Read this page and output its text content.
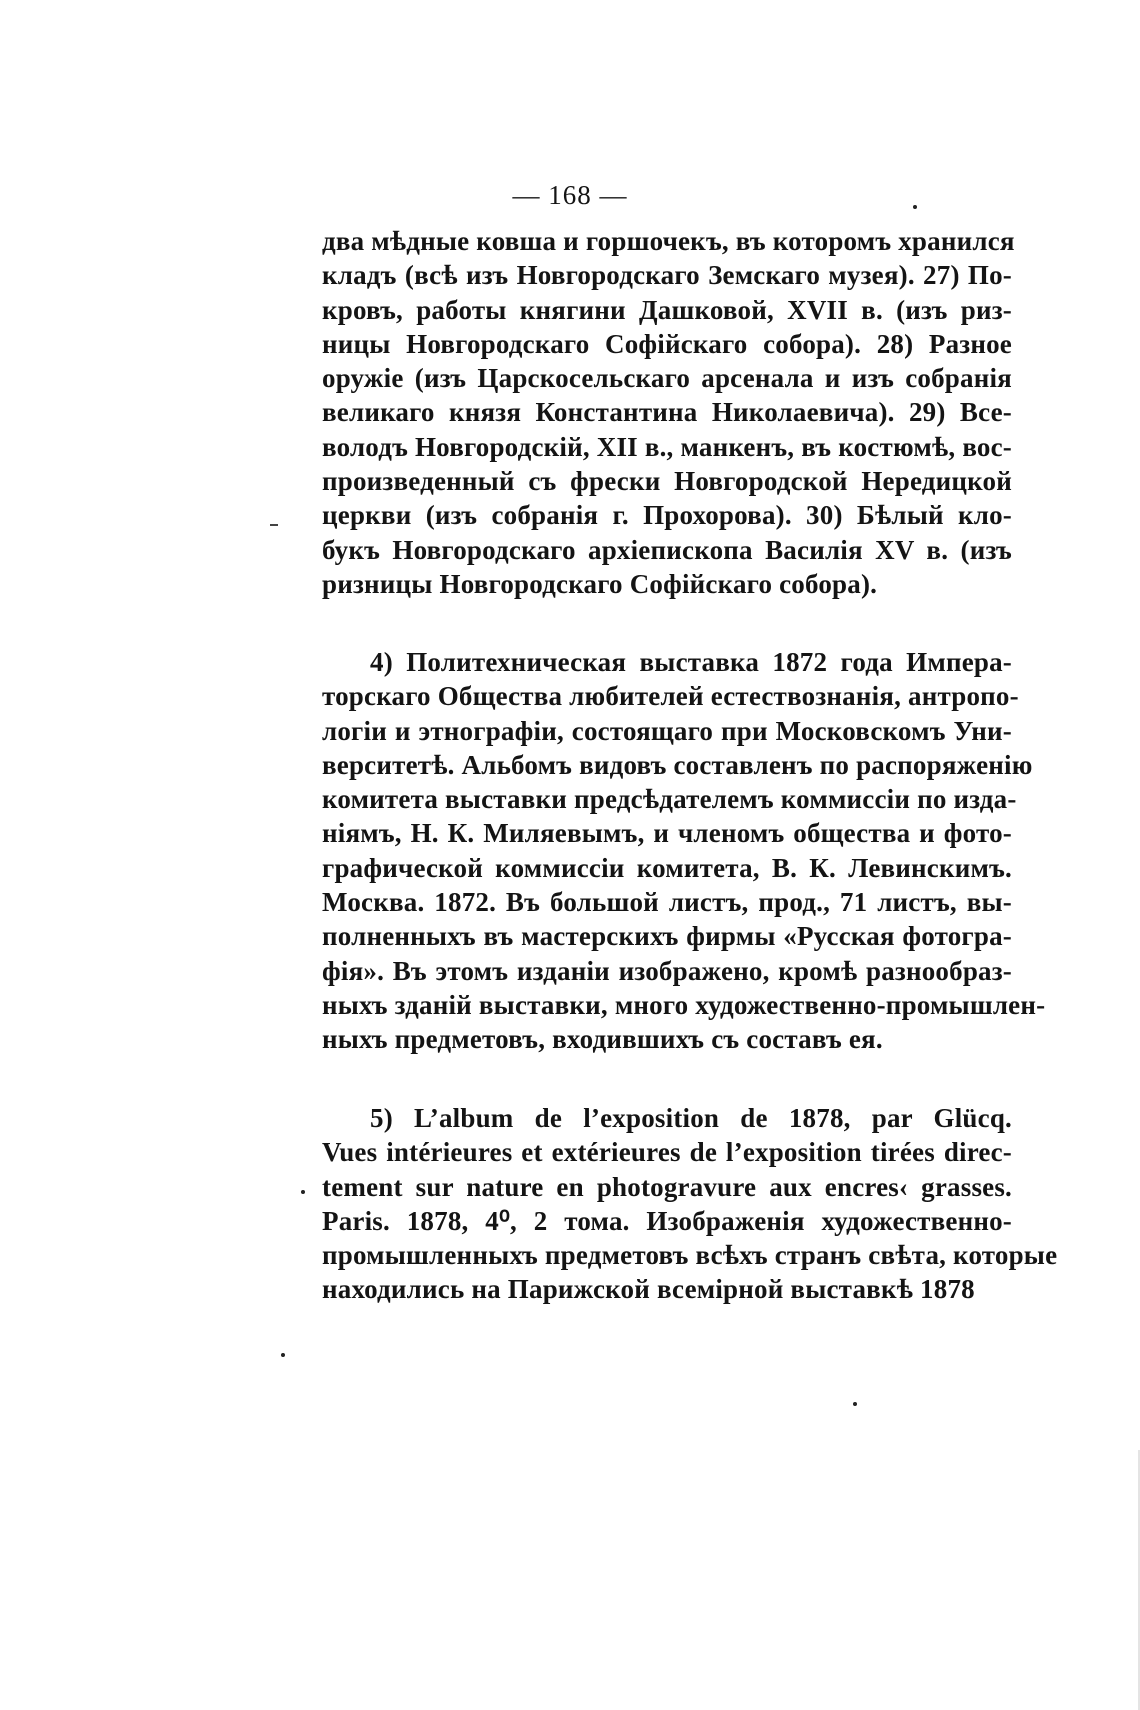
— 168 —
два мѣдные ковша и горшочекъ, въ которомъ хранился
кладъ (всѣ изъ Новгородскаго Земскаго музея). 27) По-
кровъ, работы княгини Дашковой, XVII в. (изъ риз-
ницы Новгородскаго Софійскаго собора). 28) Разное
оружіе (изъ Царскосельскаго арсенала и изъ собранія
великаго князя Константина Николаевича). 29) Все-
володъ Новгородскій, XII в., манкенъ, въ костюмѣ, вос-
произведенный съ фрески Новгородской Нередицкой
церкви (изъ собранія г. Прохорова). 30) Бѣлый кло-
букъ Новгородскаго архіепископа Василія XV в. (изъ
ризницы Новгородскаго Софійскаго собора).
4) Политехническая выставка 1872 года Импера-
торскаго Общества любителей естествознанія, антропо-
логіи и этнографіи, состоящаго при Московскомъ Уни-
верситетѣ. Альбомъ видовъ составленъ по распоряженію
комитета выставки предсѣдателемъ коммиссіи по изда-
ніямъ, Н. К. Миляевымъ, и членомъ общества и фото-
графической коммиссіи комитета, В. К. Левинскимъ.
Москва. 1872. Въ большой листъ, прод., 71 листъ, вы-
полненныхъ въ мастерскихъ фирмы «Русская фотогра-
фія». Въ этомъ изданіи изображено, кромѣ разнообраз-
ныхъ зданій выставки, много художественно-промышлен-
ныхъ предметовъ, входившихъ съ составъ ея.
5) L’album de l’exposition de 1878, par Glücq.
Vues intérieures et extérieures de l’exposition tirées direc-
tement sur nature en photogravure aux encres‹ grasses.
Paris. 1878, 4⁰, 2 тома. Изображенія художественно-
промышленныхъ предметовъ всѣхъ странъ свѣта, которые
находились на Парижской всемірной выставкѣ 1878
